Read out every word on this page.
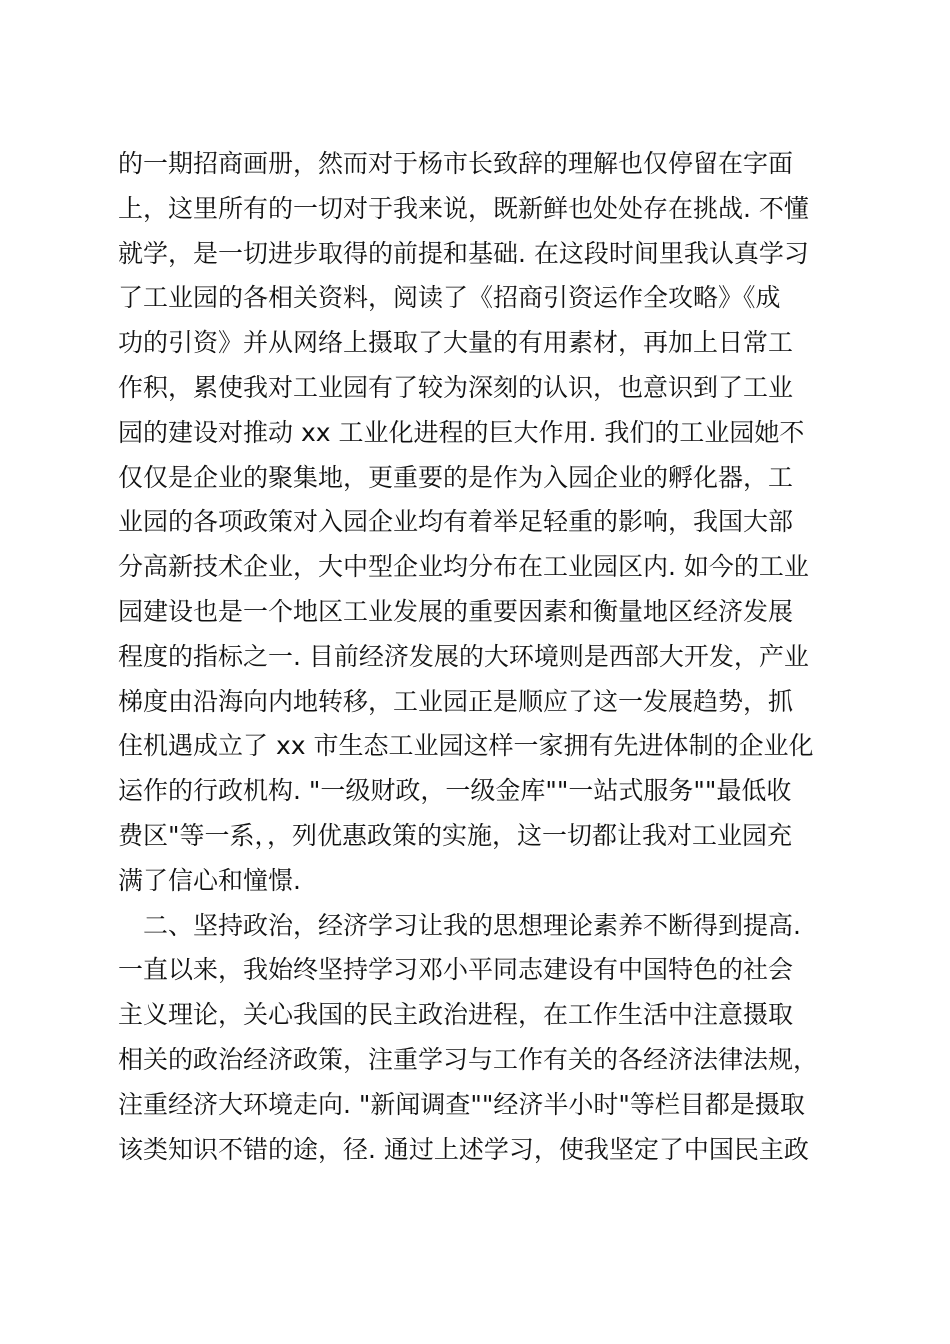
的一期招商画册，然而对于杨市长致辞的理解也仅停留在字面
上，这里所有的一切对于我来说，既新鲜也处处存在挑战. 不懂
就学，是一切进步取得的前提和基础. 在这段时间里我认真学习
了工业园的各相关资料，阅读了《招商引资运作全攻略》《成
功的引资》并从网络上摄取了大量的有用素材，再加上日常工
作积，累使我对工业园有了较为深刻的认识，也意识到了工业
园的建设对推动 xx 工业化进程的巨大作用. 我们的工业园她不
仅仅是企业的聚集地，更重要的是作为入园企业的孵化器，工
业园的各项政策对入园企业均有着举足轻重的影响，我国大部
分高新技术企业，大中型企业均分布在工业园区内. 如今的工业
园建设也是一个地区工业发展的重要因素和衡量地区经济发展
程度的指标之一. 目前经济发展的大环境则是西部大开发，产业
梯度由沿海向内地转移，工业园正是顺应了这一发展趋势，抓
住机遇成立了 xx 市生态工业园这样一家拥有先进体制的企业化
运作的行政机构. "一级财政，一级金库""一站式服务""最低收
费区"等一系，，列优惠政策的实施，这一切都让我对工业园充
满了信心和憧憬.
　二、坚持政治，经济学习让我的思想理论素养不断得到提高.
一直以来，我始终坚持学习邓小平同志建设有中国特色的社会
主义理论，关心我国的民主政治进程，在工作生活中注意摄取
相关的政治经济政策，注重学习与工作有关的各经济法律法规，
注重经济大环境走向. "新闻调查""经济半小时"等栏目都是摄取
该类知识不错的途，径. 通过上述学习，使我坚定了中国民主政
